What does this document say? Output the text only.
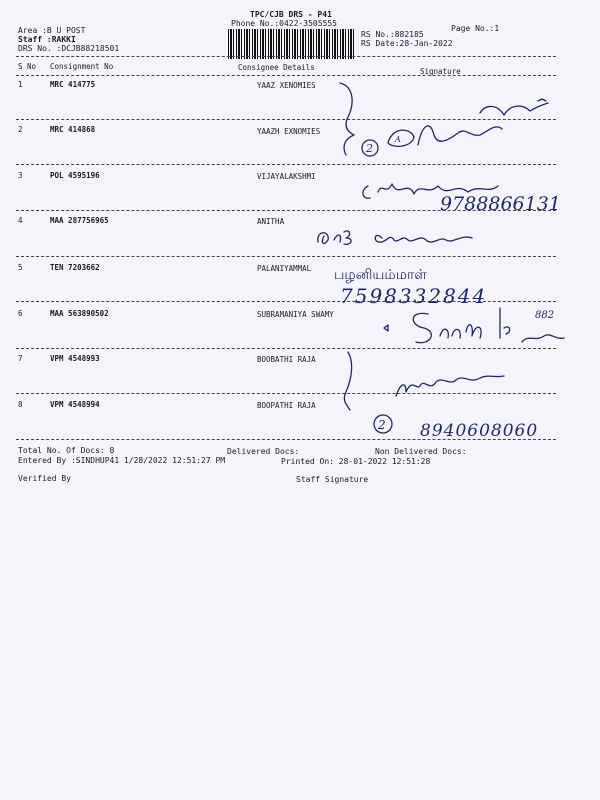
TPC/CJB DRS - P41
Phone No.:0422-3505555
Area :B U POST
Staff :RAKKI
DRS No. :DCJB88218501
RS No.:882185
RS Date:28-Jan-2022
Page No.:1
S No Consignment No	Consignee Details	Signature
1	MRC 414775	YAAZ XENOMIES
2	MRC 414868	YAAZH EXNOMIES
3	POL 4595196	VIJAYALAKSHMI
4	MAA 287756965	ANITHA
5	TEN 7203662	PALANIYAMMAL
6	MAA 563890502	SUBRAMANIYA SWAMY
7	VPM 4548993	BOOBATHI RAJA
8	VPM 4548994	BOOPATHI RAJA
2
A
9788866131
பழனியம்மாள்
7598332844
882
2 8940608060
Total No. Of Docs: 8	Delivered Docs:	Non Delivered Docs:
Entered By :SINDHUP41 1/28/2022 12:51:27 PM	Printed On: 28-01-2022 12:51:28
Verified By	Staff Signature
